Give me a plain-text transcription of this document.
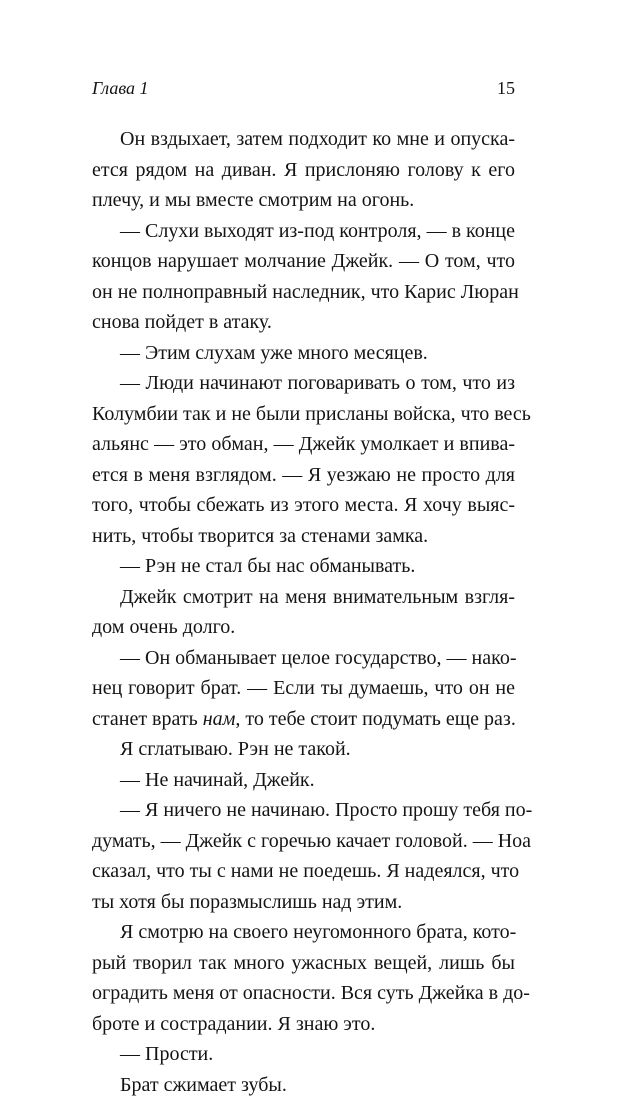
Глава 1	15
Он вздыхает, затем подходит ко мне и опуска-
ется рядом на диван. Я прислоняю голову к его
плечу, и мы вместе смотрим на огонь.
— Слухи выходят из-под контроля, — в конце
концов нарушает молчание Джейк. — О том, что
он не полноправный наследник, что Карис Люран
снова пойдет в атаку.
— Этим слухам уже много месяцев.
— Люди начинают поговаривать о том, что из
Колумбии так и не были присланы войска, что весь
альянс — это обман, — Джейк умолкает и впива-
ется в меня взглядом. — Я уезжаю не просто для
того, чтобы сбежать из этого места. Я хочу выяс-
нить, чтобы творится за стенами замка.
— Рэн не стал бы нас обманывать.
Джейк смотрит на меня внимательным взгля-
дом очень долго.
— Он обманывает целое государство, — нако-
нец говорит брат. — Если ты думаешь, что он не
станет врать нам, то тебе стоит подумать еще раз.
Я сглатываю. Рэн не такой.
— Не начинай, Джейк.
— Я ничего не начинаю. Просто прошу тебя по-
думать, — Джейк с горечью качает головой. — Ноа
сказал, что ты с нами не поедешь. Я надеялся, что
ты хотя бы поразмыслишь над этим.
Я смотрю на своего неугомонного брата, кото-
рый творил так много ужасных вещей, лишь бы
оградить меня от опасности. Вся суть Джейка в до-
броте и сострадании. Я знаю это.
— Прости.
Брат сжимает зубы.
